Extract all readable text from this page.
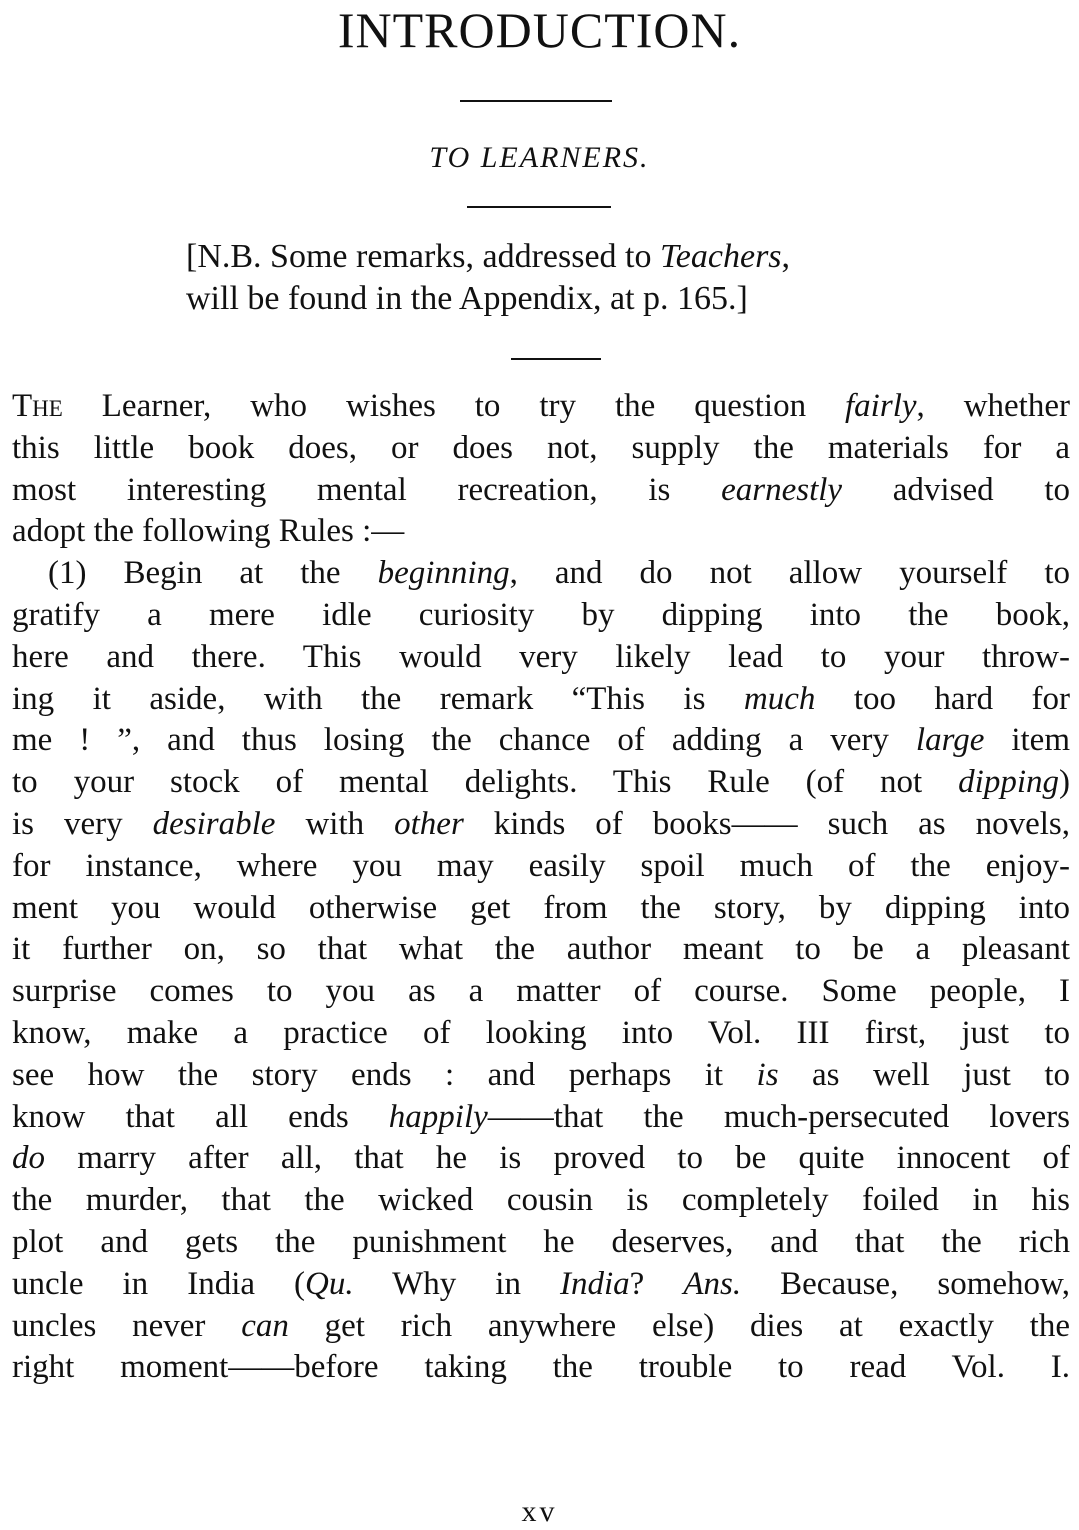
INTRODUCTION.
TO LEARNERS.
[N.B. Some remarks, addressed to Teachers,
will be found in the Appendix, at p. 165.]
The Learner, who wishes to try the question fairly, whether
this little book does, or does not, supply the materials for a
most interesting mental recreation, is earnestly advised to
adopt the following Rules :—
(1) Begin at the beginning, and do not allow yourself to
gratify a mere idle curiosity by dipping into the book,
here and there. This would very likely lead to your throw-
ing it aside, with the remark “This is much too hard for
me ! ”, and thus losing the chance of adding a very large item
to your stock of mental delights. This Rule (of not dipping)
is very desirable with other kinds of books—— such as novels,
for instance, where you may easily spoil much of the enjoy-
ment you would otherwise get from the story, by dipping into
it further on, so that what the author meant to be a pleasant
surprise comes to you as a matter of course. Some people, I
know, make a practice of looking into Vol. III first, just to
see how the story ends : and perhaps it is as well just to
know that all ends happily——that the much-persecuted lovers
do marry after all, that he is proved to be quite innocent of
the murder, that the wicked cousin is completely foiled in his
plot and gets the punishment he deserves, and that the rich
uncle in India (Qu. Why in India? Ans. Because, somehow,
uncles never can get rich anywhere else) dies at exactly the
right moment——before taking the trouble to read Vol. I.
xv
